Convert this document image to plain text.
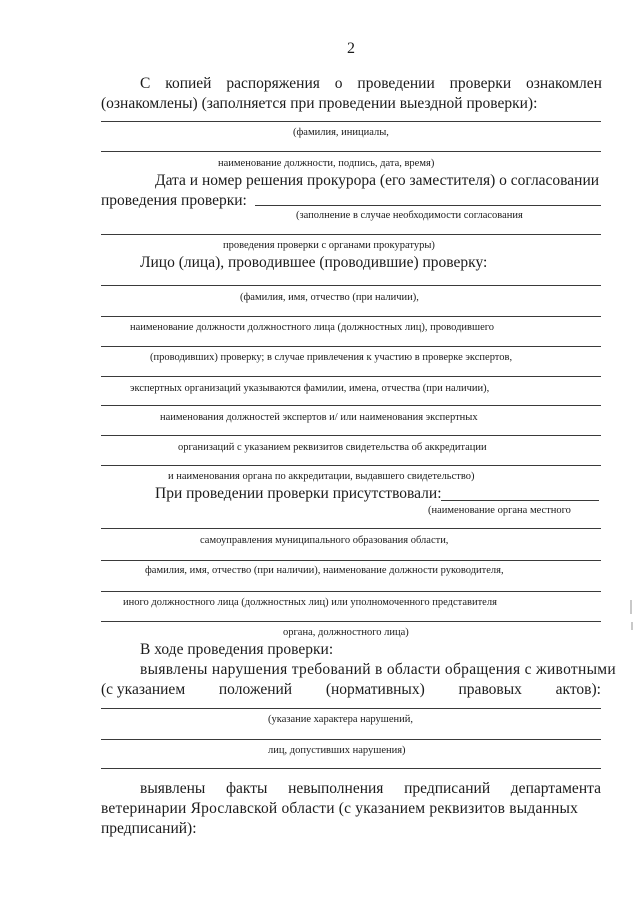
2
С копией распоряжения о проведении проверки ознакомлен
(ознакомлены) (заполняется при проведении выездной проверки):
(фамилия, инициалы,
наименование должности, подпись, дата, время)
Дата и номер решения прокурора (его заместителя) о согласовании
проведения проверки:
(заполнение в случае необходимости согласования
проведения проверки с органами прокуратуры)
Лицо (лица), проводившее (проводившие) проверку:
(фамилия, имя, отчество (при наличии),
наименование должности должностного лица (должностных лиц), проводившего
(проводивших) проверку; в случае привлечения к участию в проверке экспертов,
экспертных организаций указываются фамилии, имена, отчества (при наличии),
наименования должностей экспертов и/ или наименования экспертных
организаций с указанием реквизитов свидетельства об аккредитации
и наименования органа по аккредитации, выдавшего свидетельство)
При проведении проверки присутствовали:
(наименование органа местного
самоуправления муниципального образования области,
фамилия, имя, отчество (при наличии), наименование должности руководителя,
иного должностного лица (должностных лиц) или уполномоченного представителя
органа, должностного лица)
В ходе проведения проверки:
выявлены нарушения требований в области обращения с животными
(с указанием положений (нормативных) правовых актов):
(указание характера нарушений,
лиц, допустивших нарушения)
выявлены факты невыполнения предписаний департамента
ветеринарии Ярославской области (с указанием реквизитов выданных
предписаний):
